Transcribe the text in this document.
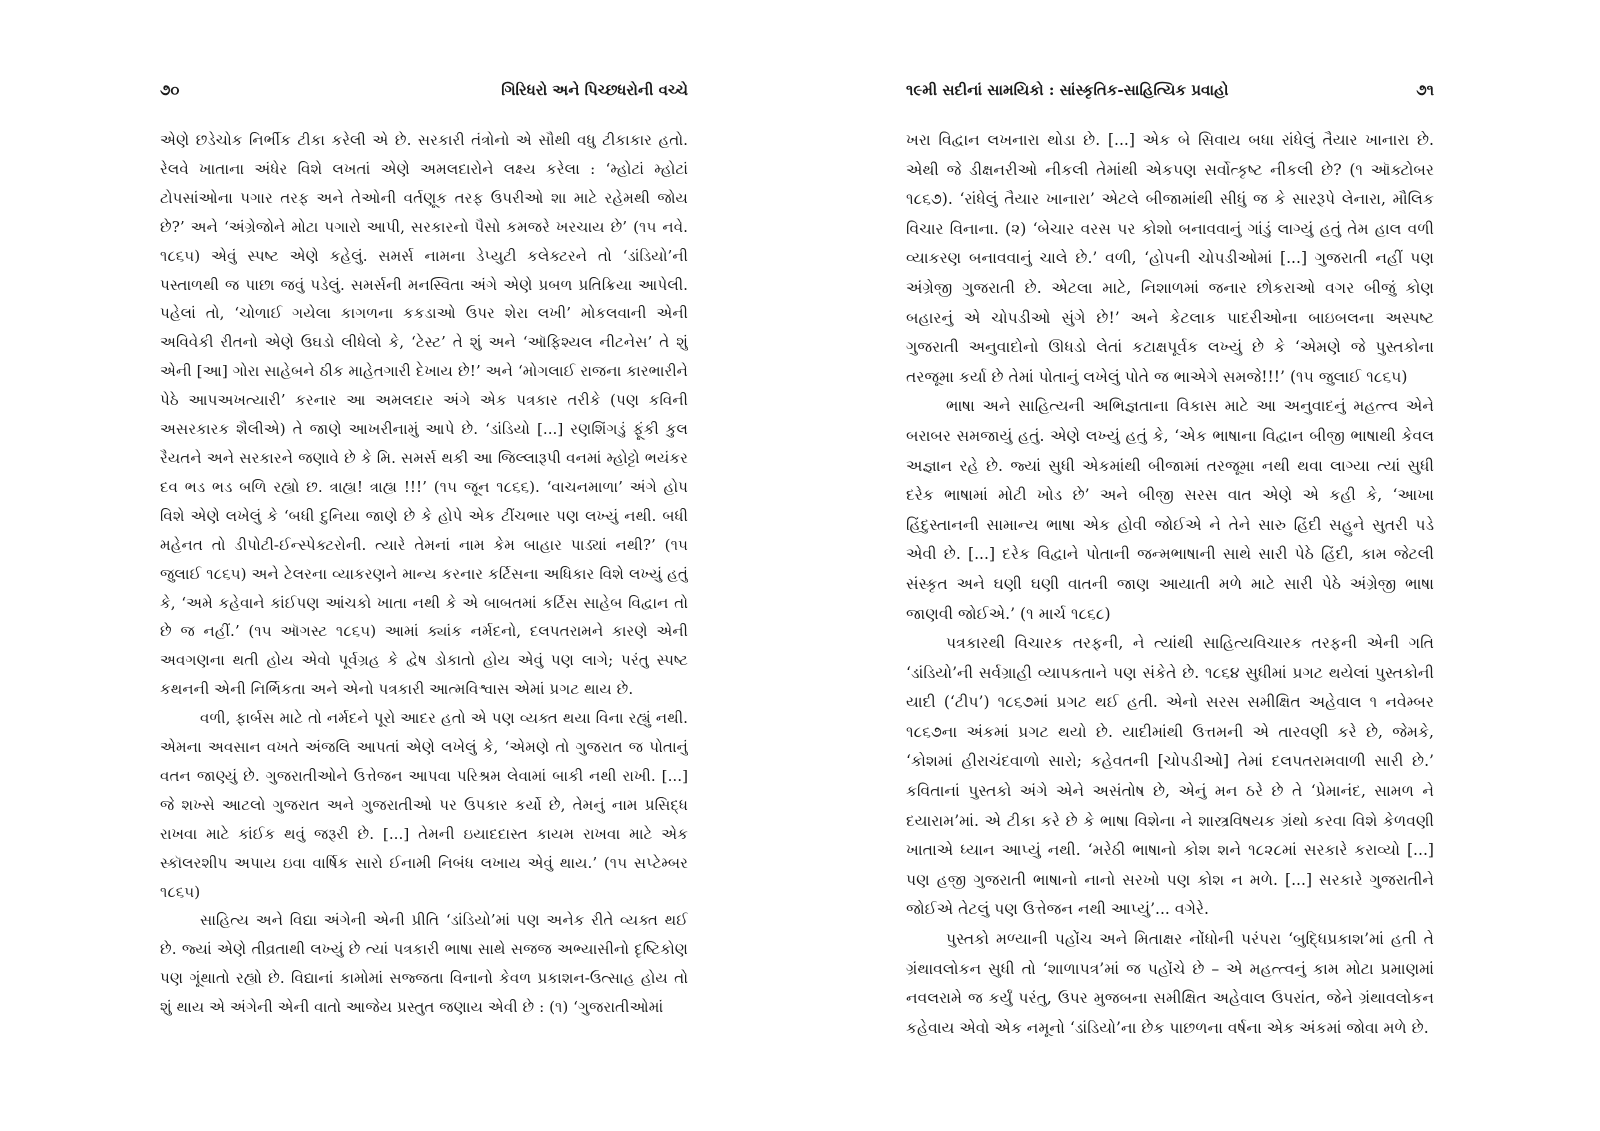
૭૦	ગિરિધરો અને પિચ્છધરોની વચ્ચે

એણે છડેચોક નિર્ભીક ટીકા કરેલી એ છે. સરકારી તંત્રોનો એ સૌથી વધુ ટીકાકાર હતો. રેલવે ખાતાના અંધેર વિશે લખતાં એણે અમલદારોને લક્ષ્ય કરેલા : ‘મ્હોટાં મ્હોટાં ટોપસાંઓના પગાર તરફ અને તેઓની વર્તણૂક તરફ ઉપરીઓ શા માટે રહેમથી જોય છે?’ અને ‘અંગ્રેજોને મોટા પગારો આપી, સરકારનો પૈસો કમજરે ખરચાય છે’ (૧૫ નવે. ૧૮૬૫) એવું સ્પષ્ટ એણે કહેલું. સમર્સ નામના ડેપ્યુટી કલેક્ટરને તો ‘ડાંડિયો’ની પસ્તાળથી જ પાછા જવું પડેલું. સમર્સની મનસ્વિતા અંગે એણે પ્રબળ પ્રતિક્રિયા આપેલી. પહેલાં તો, ‘ચોળાઈ ગયેલા કાગળના કકડાઓ ઉપર શેરા લખી’ મોકલવાની એની અવિવેકી રીતનો એણે ઉઘડો લીધેલો કે, ‘ટેસ્ટ’ તે શું અને ‘ઑફિશ્યલ નીટનેસ’ તે શું એની [આ] ગોરા સાહેબને ઠીક માહેતગારી દેખાય છે!’ અને ‘મોગલાઈ રાજના કારભારીને પેઠે આપઅખત્યારી’ કરનાર આ અમલદાર અંગે એક પત્રકાર તરીકે (પણ કવિની અસરકારક શૈલીએ) તે જાણે આખરીનામું આપે છે. ‘ડાંડિયો [...] રણશિંગડું ફૂંકી કુલ રૈયતને અને સરકારને જણાવે છે કે મિ. સમર્સ થકી આ જિલ્લારૂપી વનમાં મ્હોટ્ટો ભયંકર દવ ભડ ભડ બળિ રહ્યો છ. ત્રાહ્ય! ત્રાહ્ય !!!’ (૧૫ જૂન ૧૮૬૬). ‘વાચનમાળા’ અંગે હોપ વિશે એણે લખેલું કે ‘બધી દુનિયા જાણે છે કે હોપે એક ટીંચભાર પણ લખ્યું નથી. બધી મહેનત તો ડીપોટી-ઈન્સ્પેક્ટરોની. ત્યારે તેમનાં નામ કેમ બાહાર પાડ્યાં નથી?’ (૧૫ જુલાઈ ૧૮૬૫) અને ટેલરના વ્યાકરણને માન્ય કરનાર કર્ટિસના અધિકાર વિશે લખ્યું હતું કે, ‘અમે કહેવાને કાંઈપણ આંચકો ખાતા નથી કે એ બાબતમાં કર્ટિસ સાહેબ વિદ્વાન તો છે જ નહીં.’ (૧૫ ઑગસ્ટ ૧૮૬૫) આમાં ક્યાંક નર્મદનો, દલપતરામને કારણે એની અવગણના થતી હોય એવો પૂર્વગ્રહ કે દ્વેષ ડોકાતો હોય એવું પણ લાગે; પરંતુ સ્પષ્ટ કથનની એની નિર્ભિકતા અને એનો પત્રકારી આત્મવિશ્વાસ એમાં પ્રગટ થાય છે.

વળી, ફાર્બસ માટે તો નર્મદને પૂરો આદર હતો એ પણ વ્યક્ત થયા વિના રહ્યું નથી. એમના અવસાન વખતે અંજલિ આપતાં એણે લખેલું કે, ‘એમણે તો ગુજરાત જ પોતાનું વતન જાણ્યું છે. ગુજરાતીઓને ઉત્તેજન આપવા પરિશ્રમ લેવામાં બાકી નથી રાખી. [...] જે શખ્સે આટલો ગુજરાત અને ગુજરાતીઓ પર ઉપકાર કર્યો છે, તેમનું નામ પ્રસિદ્ધ રાખવા માટે કાંઈક થવું જરૂરી છે. [...] તેમની ઇયાદદાસ્ત કાયમ રાખવા માટે એક સ્કૉલરશીપ અપાય ઇવા વાર્ષિક સારો ઈનામી નિબંધ લખાય એવું થાય.’ (૧૫ સપ્ટેમ્બર ૧૮૬૫)

સાહિત્ય અને વિદ્યા અંગેની એની પ્રીતિ ‘ડાંડિયો’માં પણ અનેક રીતે વ્યક્ત થઈ છે. જ્યાં એણે તીવ્રતાથી લખ્યું છે ત્યાં પત્રકારી ભાષા સાથે સજજ અભ્યાસીનો દૃષ્ટિકોણ પણ ગૂંથાતો રહ્યો છે. વિદ્યાનાં કામોમાં સજ્જતા વિનાનો કેવળ પ્રકાશન-ઉત્સાહ હોય તો શું થાય એ અંગેની એની વાતો આજેય પ્રસ્તુત જણાય એવી છે : (૧) ‘ગુજરાતીઓમાં

૧૯મી સદીનાં સામયિકો : સાંસ્કૃતિક-સાહિત્યિક પ્રવાહો	૭૧

ખરા વિદ્વાન લખનારા થોડા છે. [...] એક બે સિવાય બધા રાંધેલું તૈયાર ખાનારા છે. એથી જે ડીક્ષનરીઓ નીકલી તેમાંથી એકપણ સર્વોત્કૃષ્ટ નીકલી છે? (૧ ઑક્ટોબર ૧૮૬૭). ‘રાંધેલું તૈયાર ખાનારા’ એટલે બીજામાંથી સીધું જ કે સારરૂપે લેનારા, મૌલિક વિચાર વિનાના. (૨) ‘બેચાર વરસ પર કોશો બનાવવાનું ગાંડું લાગ્યું હતું તેમ હાલ વળી વ્યાકરણ બનાવવાનું ચાલે છે.’ વળી, ‘હોપની ચોપડીઓમાં [...] ગુજરાતી નહીં પણ અંગ્રેજી ગુજરાતી છે. એટલા માટે, નિશાળમાં જનાર છોકરાઓ વગર બીજું કોણ બહારનું એ ચોપડીઓ સુંગે છે!’ અને કેટલાક પાદરીઓના બાઇબલના અસ્પષ્ટ ગુજરાતી અનુવાદોનો ઊધડો લેતાં કટાક્ષપૂર્વક લખ્યું છે કે ‘એમણે જે પુસ્તકોના તરજૂમા કર્યા છે તેમાં પોતાનું લખેલું પોતે જ ભાએગે સમજે!!!’ (૧૫ જુલાઈ ૧૮૬૫)

ભાષા અને સાહિત્યની અભિજ્ઞતાના વિકાસ માટે આ અનુવાદનું મહત્ત્વ એને બરાબર સમજાયું હતું. એણે લખ્યું હતું કે, ‘એક ભાષાના વિદ્વાન બીજી ભાષાથી કેવલ અજ્ઞાન રહે છે. જ્યાં સુધી એકમાંથી બીજામાં તરજૂમા નથી થવા લાગ્યા ત્યાં સુધી દરેક ભાષામાં મોટી ખોડ છે’ અને બીજી સરસ વાત એણે એ કહી કે, ‘આખા હિંદુસ્તાનની સામાન્ય ભાષા એક હોવી જોઈએ ને તેને સારુ હિંદી સહુને સુતરી પડે એવી છે. [...] દરેક વિદ્વાને પોતાની જન્મભાષાની સાથે સારી પેઠે હિંદી, કામ જેટલી સંસ્કૃત અને ઘણી ઘણી વાતની જાણ આયાતી મળે માટે સારી પેઠે અંગ્રેજી ભાષા જાણવી જોઈએ.’ (૧ માર્ચ ૧૮૬૮)

પત્રકારથી વિચારક તરફની, ને ત્યાંથી સાહિત્યવિચારક તરફની એની ગતિ ‘ડાંડિયો’ની સર્વગ્રાહી વ્યાપકતાને પણ સંકેતે છે. ૧૮૬૪ સુધીમાં પ્રગટ થયેલાં પુસ્તકોની યાદી (‘ટીપ’) ૧૮૬૭માં પ્રગટ થઈ હતી. એનો સરસ સમીક્ષિત અહેવાલ ૧ નવેમ્બર ૧૮૬૭ના અંકમાં પ્રગટ થયો છે. યાદીમાંથી ઉત્તમની એ તારવણી કરે છે, જેમકે, ‘કોશમાં હીરાચંદવાળો સારો; કહેવતની [ચોપડીઓ] તેમાં દલપતરામવાળી સારી છે.’ કવિતાનાં પુસ્તકો અંગે એને અસંતોષ છે, એનું મન ઠરે છે તે ‘પ્રેમાનંદ, સામળ ને દયારામ’માં. એ ટીકા કરે છે કે ભાષા વિશેના ને શાસ્ત્રવિષયક ગ્રંથો કરવા વિશે કેળવણી ખાતાએ ધ્યાન આપ્યું નથી. ‘મરેઠી ભાષાનો કોશ શને ૧૮૨૮માં સરકારે કરાવ્યો [...] પણ હજી ગુજરાતી ભાષાનો નાનો સરખો પણ કોશ ન મળે. [...] સરકારે ગુજરાતીને જોઈએ તેટલું પણ ઉત્તેજન નથી આપ્યું’... વગેરે.

પુસ્તકો મળ્યાની પહોંચ અને મિતાક્ષર નોંધોની પરંપરા ‘બુદ્ધિપ્રકાશ’માં હતી તે ગ્રંથાવલોકન સુધી તો ‘શાળાપત્ર’માં જ પહોંચે છે – એ મહત્ત્વનું કામ મોટા પ્રમાણમાં નવલરામે જ કર્યું પરંતુ, ઉપર મુજબના સમીક્ષિત અહેવાલ ઉપરાંત, જેને ગ્રંથાવલોકન કહેવાય એવો એક નમૂનો ‘ડાંડિયો’ના છેક પાછળના વર્ષના એક અંકમાં જોવા મળે છે.
